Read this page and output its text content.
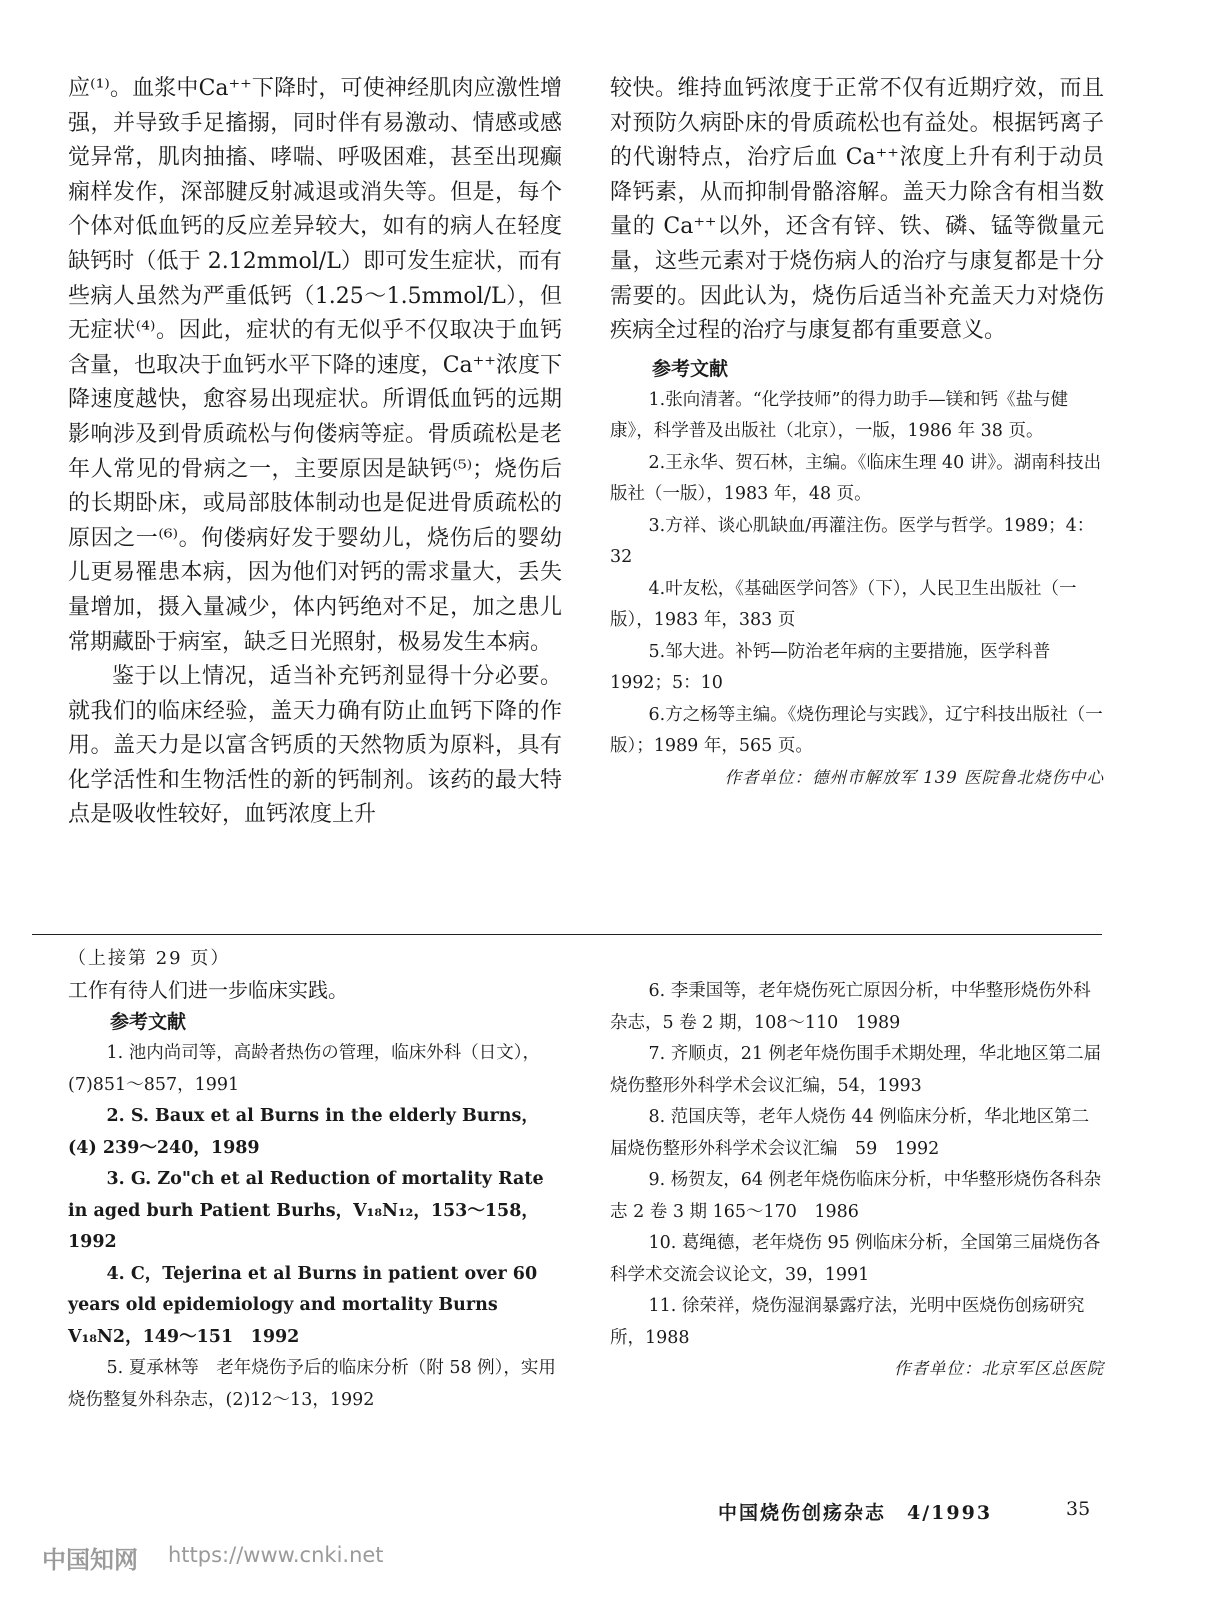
应⁽¹⁾。血浆中Ca⁺⁺下降时，可使神经肌肉应激性增强，并导致手足搐搦，同时伴有易激动、情感或感觉异常，肌肉抽搐、哮喘、呼吸困难，甚至出现癫痫样发作，深部腱反射减退或消失等。但是，每个个体对低血钙的反应差异较大，如有的病人在轻度缺钙时（低于 2.12mmol/L）即可发生症状，而有些病人虽然为严重低钙（1.25～1.5mmol/L），但无症状⁽⁴⁾。因此，症状的有无似乎不仅取决于血钙含量，也取决于血钙水平下降的速度，Ca⁺⁺浓度下降速度越快，愈容易出现症状。所谓低血钙的远期影响涉及到骨质疏松与佝偻病等症。骨质疏松是老年人常见的骨病之一，主要原因是缺钙⁽⁵⁾；烧伤后的长期卧床，或局部肢体制动也是促进骨质疏松的原因之一⁽⁶⁾。佝偻病好发于婴幼儿，烧伤后的婴幼儿更易罹患本病，因为他们对钙的需求量大，丢失量增加，摄入量减少，体内钙绝对不足，加之患儿常期藏卧于病室，缺乏日光照射，极易发生本病。

鉴于以上情况，适当补充钙剂显得十分必要。就我们的临床经验，盖天力确有防止血钙下降的作用。盖天力是以富含钙质的天然物质为原料，具有化学活性和生物活性的新的钙制剂。该药的最大特点是吸收性较好，血钙浓度上升

较快。维持血钙浓度于正常不仅有近期疗效，而且对预防久病卧床的骨质疏松也有益处。根据钙离子的代谢特点，治疗后血 Ca⁺⁺浓度上升有利于动员降钙素，从而抑制骨骼溶解。盖天力除含有相当数量的 Ca⁺⁺以外，还含有锌、铁、磷、锰等微量元量，这些元素对于烧伤病人的治疗与康复都是十分需要的。因此认为，烧伤后适当补充盖天力对烧伤疾病全过程的治疗与康复都有重要意义。

参考文献

1.张向清著。“化学技师”的得力助手—镁和钙《盐与健康》，科学普及出版社（北京），一版，1986 年 38 页。

2.王永华、贺石林，主编。《临床生理 40 讲》。湖南科技出版社（一版），1983 年，48 页。

3.方祥、谈心肌缺血/再灌注伤。医学与哲学。1989；4：32

4.叶友松，《基础医学问答》（下），人民卫生出版社（一版），1983 年，383 页

5.邹大进。补钙—防治老年病的主要措施，医学科普 1992；5：10

6.方之杨等主编。《烧伤理论与实践》，辽宁科技出版社（一版）；1989 年，565 页。

作者单位：德州市解放军 139 医院鲁北烧伤中心
（上接第 29 页）
工作有待人们进一步临床实践。
参考文献

1. 池内尚司等，高龄者热伤の管理，临床外科（日文），(7)851～857，1991

2. S. Baux et al Burns in the elderly Burns，(4) 239～240，1989

3. G. Zo"ch et al Reduction of mortality Rate in aged burh Patient Burhs，V₁₈N₁₂，153～158，1992

4. C，Tejerina et al Burns in patient over 60 years old epidemiology and mortality Burns V₁₈N2，149～151　1992

5. 夏承林等　老年烧伤予后的临床分析（附 58 例），实用烧伤整复外科杂志，(2)12～13，1992

6. 李秉国等，老年烧伤死亡原因分析，中华整形烧伤外科杂志，5 卷 2 期，108～110　1989

7. 齐顺贞，21 例老年烧伤围手术期处理，华北地区第二届烧伤整形外科学术会议汇编，54，1993

8. 范国庆等，老年人烧伤 44 例临床分析，华北地区第二届烧伤整形外科学术会议汇编　59　1992

9. 杨贺友，64 例老年烧伤临床分析，中华整形烧伤各科杂志 2 卷 3 期 165～170　1986

10. 葛绳德，老年烧伤 95 例临床分析，全国第三届烧伤各科学术交流会议论文，39，1991

11. 徐荣祥，烧伤湿润暴露疗法，光明中医烧伤创疡研究所，1988

作者单位：北京军区总医院
中国烧伤创疡杂志　4/1993	35
中国知网 https://www.cnki.net
